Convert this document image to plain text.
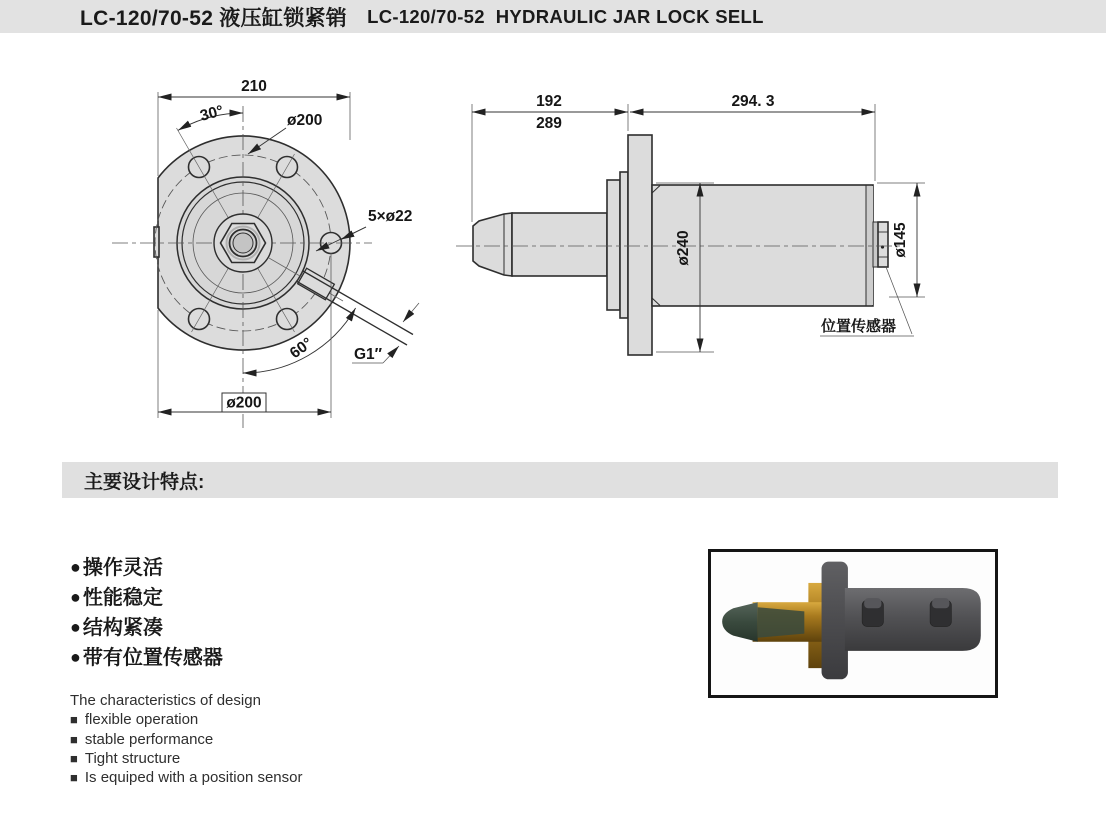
LC-120/70-52 液压缸锁紧销 LC-120/70-52  HYDRAULIC JAR LOCK SELL
210
30°	ø200
5×ø22
60° G1″
ø200
192
289
294. 3
ø240	ø145
位置传感器
主要设计特点:
● 操作灵活
● 性能稳定
● 结构紧凑
● 带有位置传感器
The characteristics of design
■ flexible operation
■ stable performance
■ Tight structure
■ Is equiped with a position sensor
